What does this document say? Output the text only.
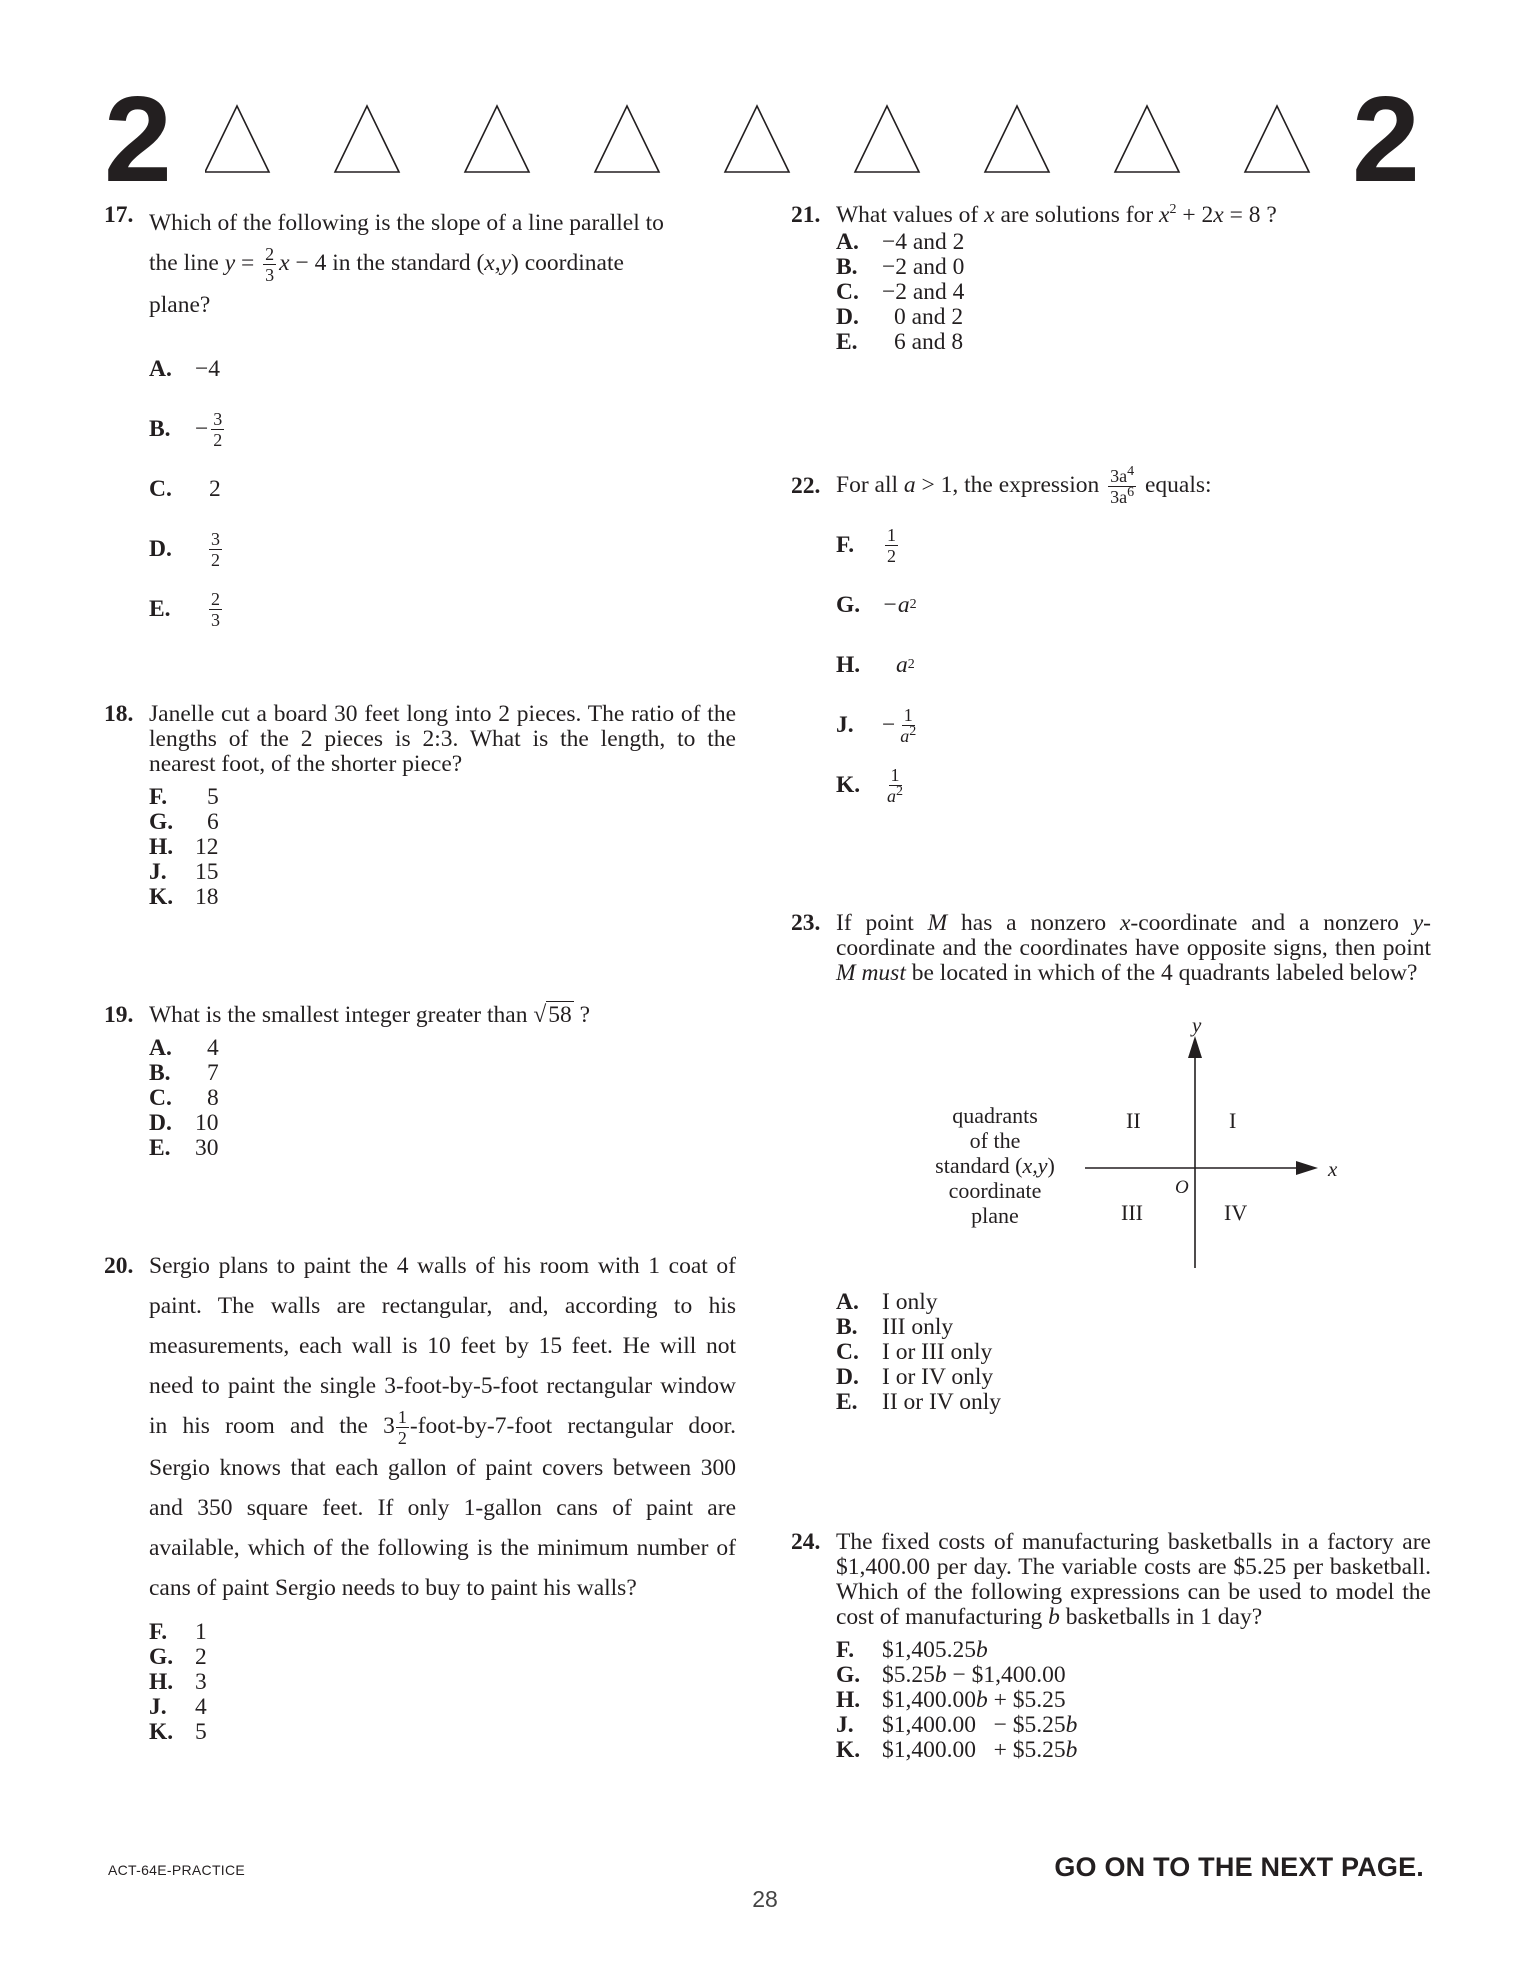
2	2
17. Which of the following is the slope of a line parallel to
the line $y = \frac{2}{3}$ x − 4 in the standard (x,y) coordinate
plane?
A. −4
B.	− $\frac{3}{2}$
C.	2
D.	$\frac{3}{2}$
E.	$\frac{2}{3}$
18. Janelle cut a board 30 feet long into 2 pieces. The ratio of the lengths of the 2 pieces is 2:3. What is the length, to the nearest foot, of the shorter piece?
F.	5
G.	6
H. 12
J.	15
K. 18
19. What is the smallest integer greater than √58 ?
A.	4
B.	7
C.	8
D. 10
E.	30
20. Sergio plans to paint the 4 walls of his room with 1 coat of paint. The walls are rectangular, and, according to his measurements, each wall is 10 feet by 15 feet. He will not need to paint the single 3-foot-by-5-foot rectangular window in his room and the $3 \frac{1}{2}$ -foot-by-7-foot rectangular door. Sergio knows that each gallon of paint covers between 300 and 350 square feet. If only 1-gallon cans of paint are available, which of the following is the minimum number of cans of paint Sergio needs to buy to paint his walls?
F.	1
G. 2
H. 3
J.	4
K. 5
21. What values of x are solutions for $x^2 + 2x = 8$ ?
A. −4 and 2
B.	−2 and 0
C. −2 and 4
D.	0 and 2
E.	6 and 8
22. For all a > 1, the expression $\frac{3a^4}{3a^6}$ equals:
F.	$\frac{1}{2}$
G. −a 2
H.	a 2
J.	− $\frac{1}{a^2}$
K.	$\frac{1}{a^2}$
23. If point M has a nonzero x-coordinate and a nonzero y-coordinate and the coordinates have opposite signs, then point M must be located in which of the 4 quadrants labeled below?
quadrants
of the
standard (x,y)
coordinate
plane
y
x
O
II	I
III	IV
A. I only
B.	III only
C. I or III only
D. I or IV only
E.	II or IV only
24. The fixed costs of manufacturing basketballs in a factory are $1,400.00 per day. The variable costs are $5.25 per basketball. Which of the following expressions can be used to model the cost of manufacturing b basketballs in 1 day?
F.	$1,405.25 b
G. $5.25 b − $1,400.00
H. $1,400.00 b + $5.25
J.	$1,400.00   − $5.25 b
K. $1,400.00   + $5.25 b
ACT-64E-PRACTICE	GO ON TO THE NEXT PAGE.
28
